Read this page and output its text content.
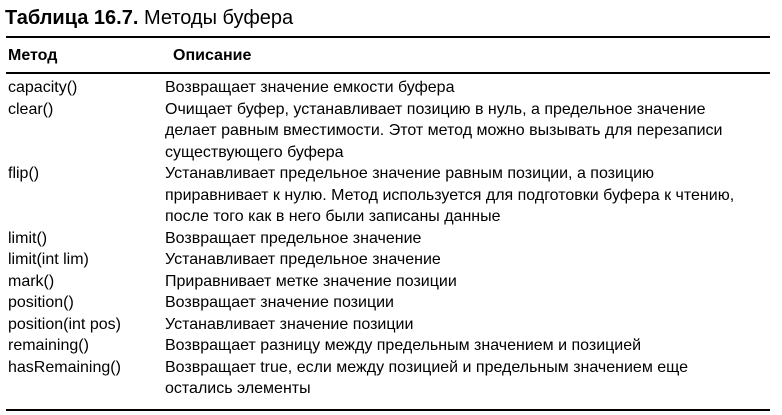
Таблица 16.7. Методы буфера
Метод	Описание
capacity()	Возвращает значение емкости буфера
clear()	Очищает буфер, устанавливает позицию в нуль, а предельное значение
делает равным вместимости. Этот метод можно вызывать для перезаписи
существующего буфера
flip()	Устанавливает предельное значение равным позиции, а позицию
приравнивает к нулю. Метод используется для подготовки буфера к чтению,
после того как в него были записаны данные
limit()	Возвращает предельное значение
limit(int lim)	Устанавливает предельное значение
mark()	Приравнивает метке значение позиции
position()	Возвращает значение позиции
position(int pos)	Устанавливает значение позиции
remaining()	Возвращает разницу между предельным значением и позицией
hasRemaining()	Возвращает true, если между позицией и предельным значением еще
остались элементы
